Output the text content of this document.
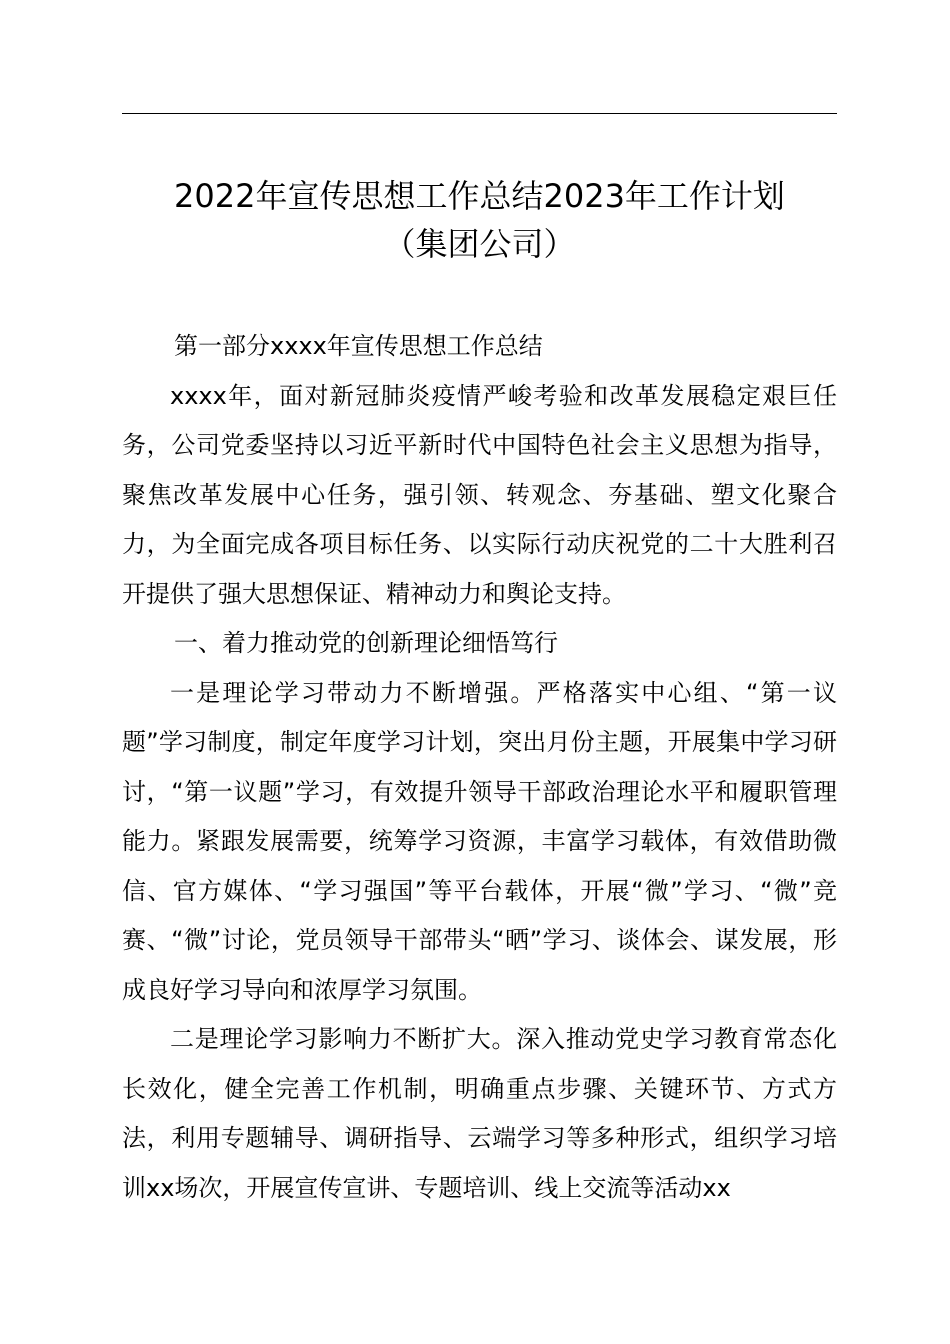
2022年宣传思想工作总结2023年工作计划
（集团公司）

第一部分xxxx年宣传思想工作总结

xxxx年，面对新冠肺炎疫情严峻考验和改革发展稳定艰巨任务，公司党委坚持以习近平新时代中国特色社会主义思想为指导，聚焦改革发展中心任务，强引领、转观念、夯基础、塑文化聚合力，为全面完成各项目标任务、以实际行动庆祝党的二十大胜利召开提供了强大思想保证、精神动力和舆论支持。

一、着力推动党的创新理论细悟笃行

一是理论学习带动力不断增强。严格落实中心组、“第一议题”学习制度，制定年度学习计划，突出月份主题，开展集中学习研讨，“第一议题”学习，有效提升领导干部政治理论水平和履职管理能力。紧跟发展需要，统筹学习资源，丰富学习载体，有效借助微信、官方媒体、“学习强国”等平台载体，开展“微”学习、“微”竞赛、“微”讨论，党员领导干部带头“晒”学习、谈体会、谋发展，形成良好学习导向和浓厚学习氛围。

二是理论学习影响力不断扩大。深入推动党史学习教育常态化长效化，健全完善工作机制，明确重点步骤、关键环节、方式方法，利用专题辅导、调研指导、云端学习等多种形式，组织学习培训xx场次，开展宣传宣讲、专题培训、线上交流等活动xx
